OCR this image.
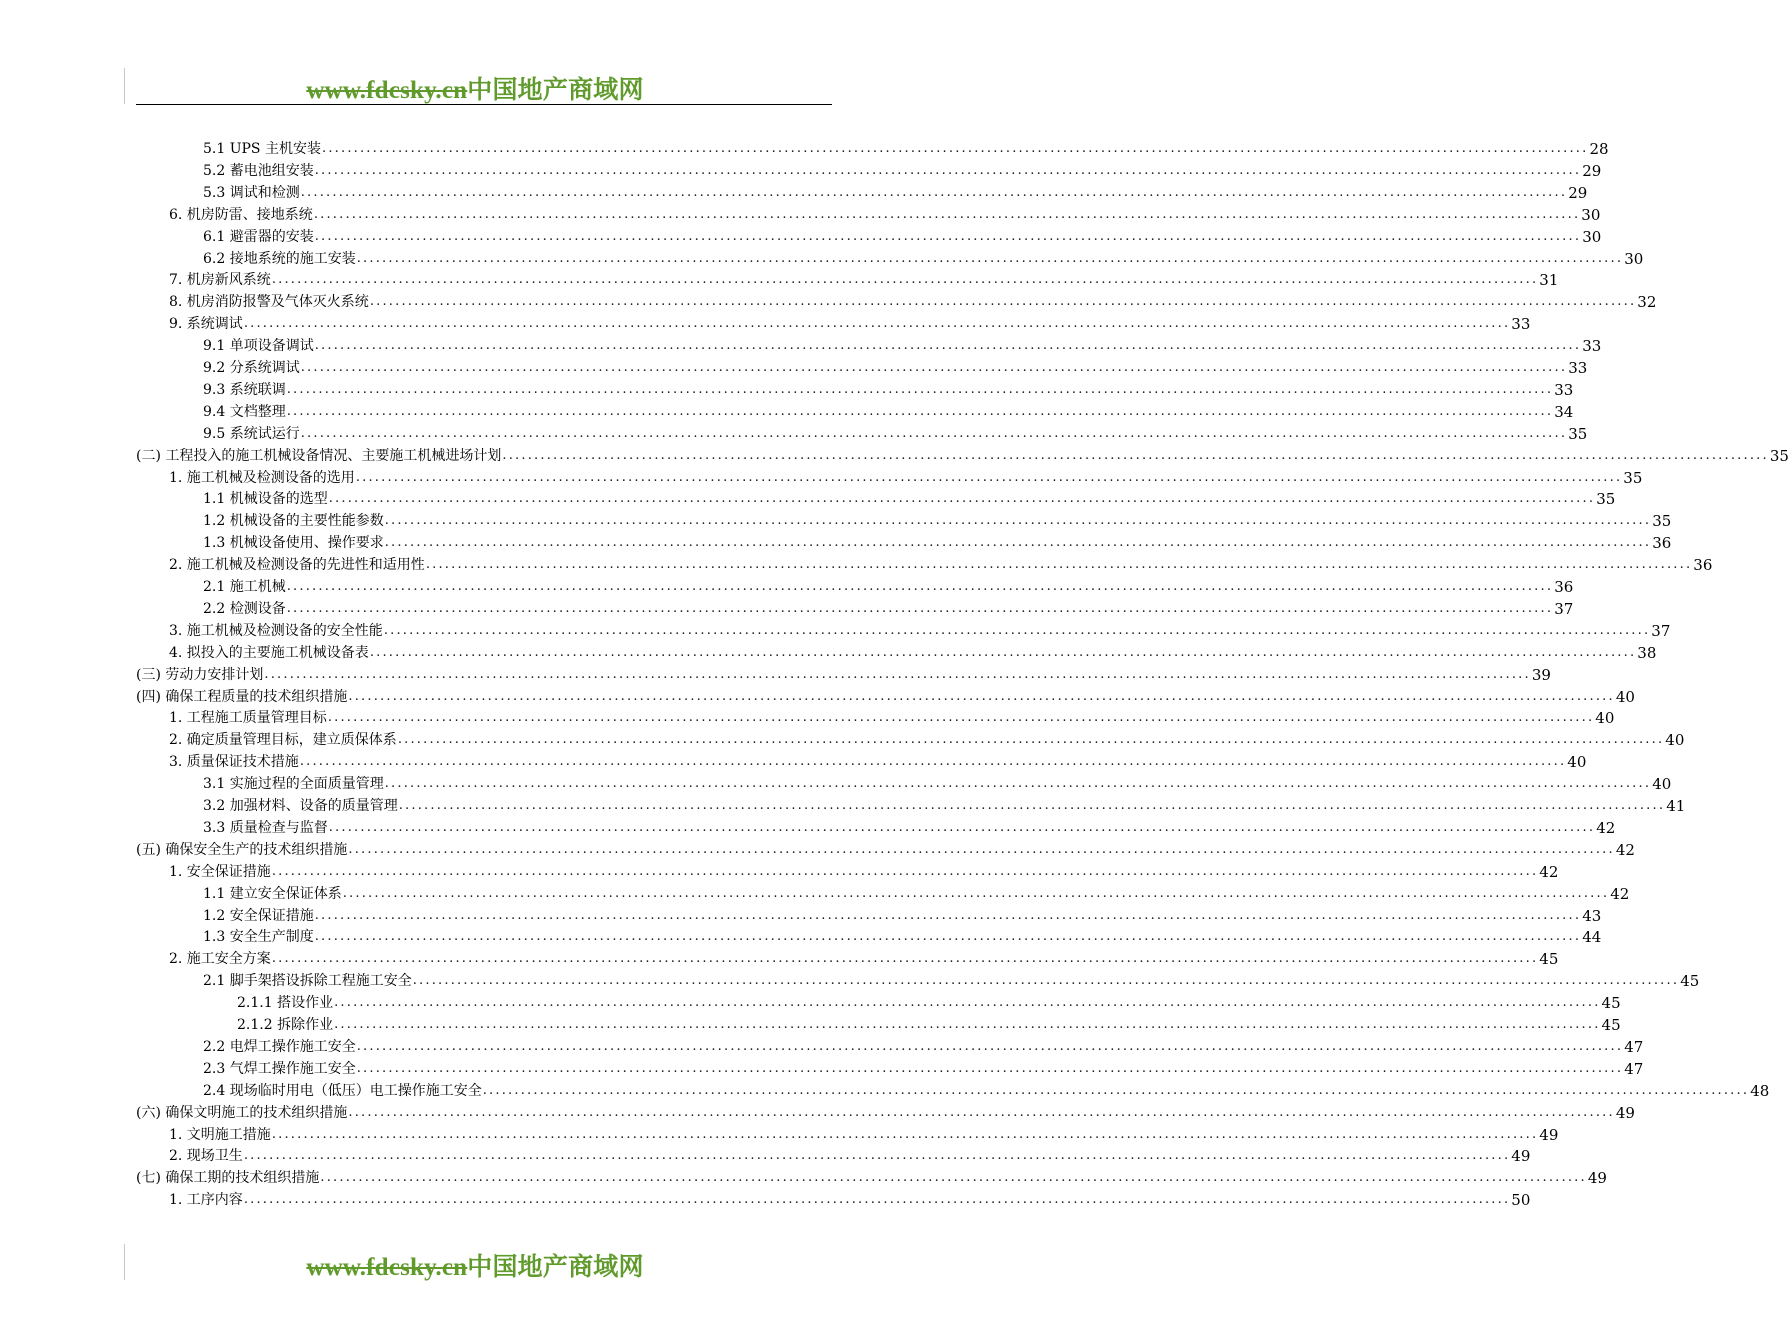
www.fdcsky.cn中国地产商域网
5.1 UPS 主机安装 ........................................................................................................................................................................................................ 28
5.2 蓄电池组安装 ........................................................................................................................................................................................................ 29
5.3 调试和检测 ........................................................................................................................................................................................................ 29
6. 机房防雷、接地系统 ........................................................................................................................................................................................................ 30
6.1 避雷器的安装 ........................................................................................................................................................................................................ 30
6.2 接地系统的施工安装 ........................................................................................................................................................................................................ 30
7. 机房新风系统 ........................................................................................................................................................................................................ 31
8. 机房消防报警及气体灭火系统 ........................................................................................................................................................................................................ 32
9. 系统调试 ........................................................................................................................................................................................................ 33
9.1 单项设备调试 ........................................................................................................................................................................................................ 33
9.2 分系统调试 ........................................................................................................................................................................................................ 33
9.3 系统联调 ........................................................................................................................................................................................................ 33
9.4 文档整理 ........................................................................................................................................................................................................ 34
9.5 系统试运行 ........................................................................................................................................................................................................ 35
(二) 工程投入的施工机械设备情况、主要施工机械进场计划 ........................................................................................................................................................................................................ 35
1. 施工机械及检测设备的选用 ........................................................................................................................................................................................................ 35
1.1 机械设备的选型 ........................................................................................................................................................................................................ 35
1.2 机械设备的主要性能参数 ........................................................................................................................................................................................................ 35
1.3 机械设备使用、操作要求 ........................................................................................................................................................................................................ 36
2. 施工机械及检测设备的先进性和适用性 ........................................................................................................................................................................................................ 36
2.1 施工机械 ........................................................................................................................................................................................................ 36
2.2 检测设备 ........................................................................................................................................................................................................ 37
3. 施工机械及检测设备的安全性能 ........................................................................................................................................................................................................ 37
4. 拟投入的主要施工机械设备表 ........................................................................................................................................................................................................ 38
(三) 劳动力安排计划 ........................................................................................................................................................................................................ 39
(四) 确保工程质量的技术组织措施 ........................................................................................................................................................................................................ 40
1. 工程施工质量管理目标 ........................................................................................................................................................................................................ 40
2. 确定质量管理目标，建立质保体系 ........................................................................................................................................................................................................ 40
3. 质量保证技术措施 ........................................................................................................................................................................................................ 40
3.1 实施过程的全面质量管理 ........................................................................................................................................................................................................ 40
3.2 加强材料、设备的质量管理 ........................................................................................................................................................................................................ 41
3.3 质量检查与监督 ........................................................................................................................................................................................................ 42
(五) 确保安全生产的技术组织措施 ........................................................................................................................................................................................................ 42
1. 安全保证措施 ........................................................................................................................................................................................................ 42
1.1 建立安全保证体系 ........................................................................................................................................................................................................ 42
1.2 安全保证措施 ........................................................................................................................................................................................................ 43
1.3 安全生产制度 ........................................................................................................................................................................................................ 44
2. 施工安全方案 ........................................................................................................................................................................................................ 45
2.1 脚手架搭设拆除工程施工安全 ........................................................................................................................................................................................................ 45
2.1.1 搭设作业 ........................................................................................................................................................................................................ 45
2.1.2 拆除作业 ........................................................................................................................................................................................................ 45
2.2 电焊工操作施工安全 ........................................................................................................................................................................................................ 47
2.3 气焊工操作施工安全 ........................................................................................................................................................................................................ 47
2.4 现场临时用电（低压）电工操作施工安全 ........................................................................................................................................................................................................ 48
(六) 确保文明施工的技术组织措施 ........................................................................................................................................................................................................ 49
1. 文明施工措施 ........................................................................................................................................................................................................ 49
2. 现场卫生 ........................................................................................................................................................................................................ 49
(七) 确保工期的技术组织措施 ........................................................................................................................................................................................................ 49
1. 工序内容 ........................................................................................................................................................................................................ 50
www.fdcsky.cn中国地产商域网
